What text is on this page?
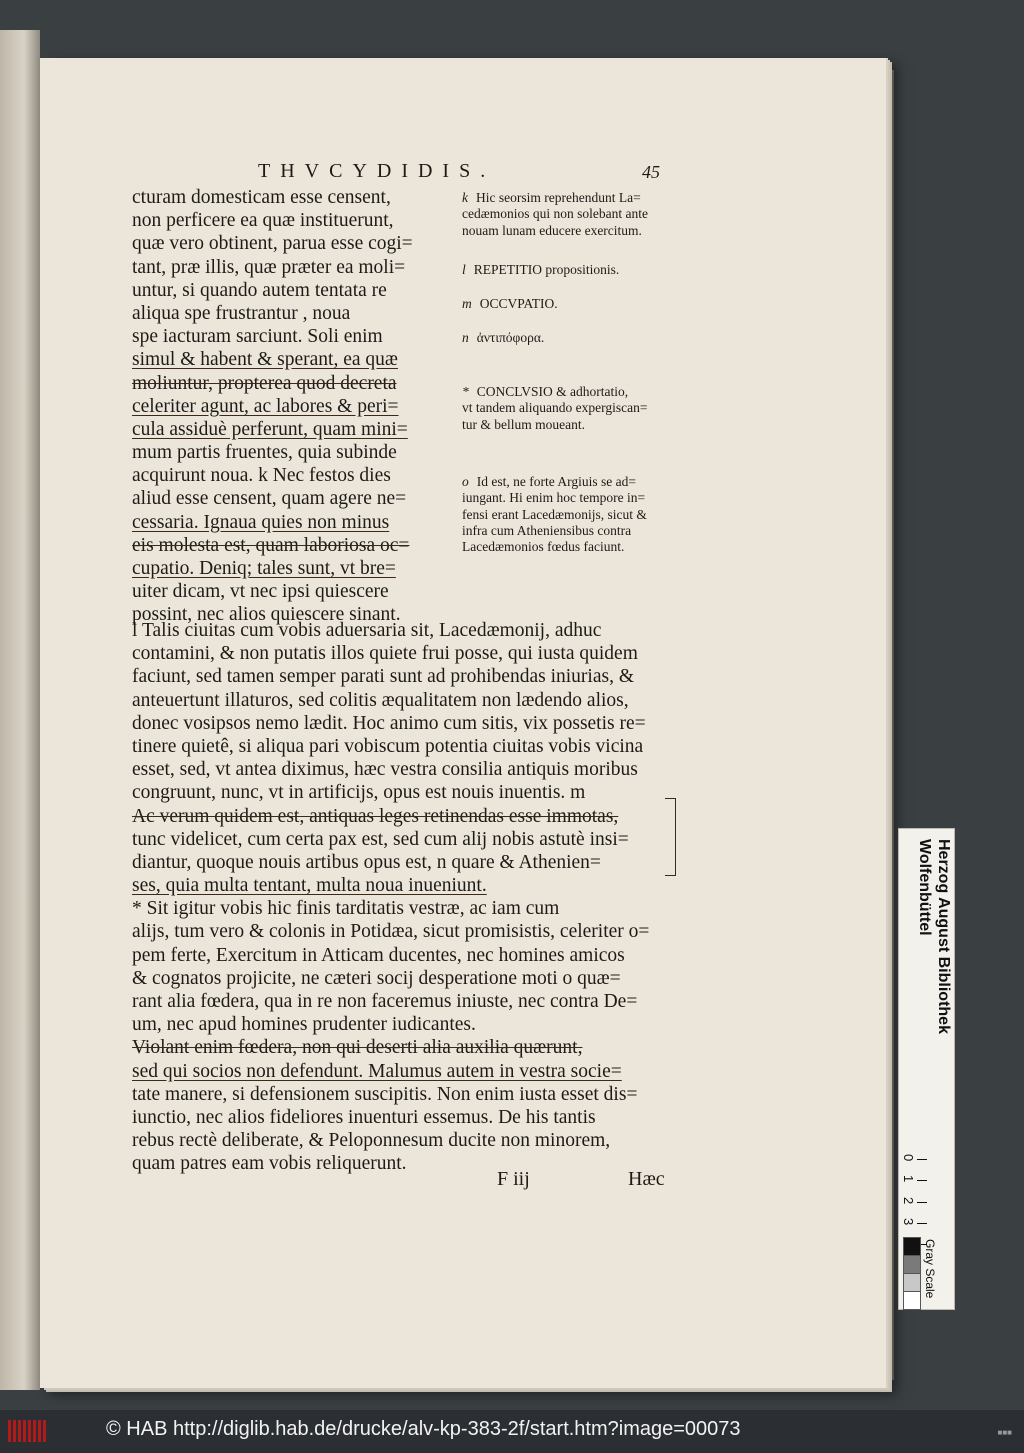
THVCYDIDIS.	45
cturam domesticam esse censent,
non perficere ea quæ instituerunt,
quæ vero obtinent, parua esse cogi=
tant, præ illis, quæ præter ea moli=
untur, si quando autem tentata re
aliqua spe frustrantur , noua
spe iacturam sarciunt. Soli enim
simul & habent & sperant, ea quæ
moliuntur, propterea quod decreta
celeriter agunt, ac labores & peri=
cula assiduè perferunt, quam mini=
mum partis fruentes, quia subinde
acquirunt noua. k Nec festos dies
aliud esse censent, quam agere ne=
cessaria. Ignaua quies non minus
eis molesta est, quam laboriosa oc=
cupatio. Deniq; tales sunt, vt bre=
uiter dicam, vt nec ipsi quiescere
possint, nec alios quiescere sinant.
l Talis ciuitas cum vobis aduersaria sit, Lacedæmonij, adhuc
contamini, & non putatis illos quiete frui posse, qui iusta quidem
faciunt, sed tamen semper parati sunt ad prohibendas iniurias, &
anteuertunt illaturos, sed colitis æqualitatem non lædendo alios,
donec vosipsos nemo lædit. Hoc animo cum sitis, vix possetis re=
tinere quietê, si aliqua pari vobiscum potentia ciuitas vobis vicina
esset, sed, vt antea diximus, hæc vestra consilia antiquis moribus
congruunt, nunc, vt in artificijs, opus est nouis inuentis. m
Ac verum quidem est, antiquas leges retinendas esse immotas,
tunc videlicet, cum certa pax est, sed cum alij nobis astutè insi=
diantur, quoque nouis artibus opus est, n quare & Athenien=
ses, quia multa tentant, multa noua inueniunt.
* Sit igitur vobis hic finis tarditatis vestræ, ac iam cum
alijs, tum vero & colonis in Potidæa, sicut promisistis, celeriter o=
pem ferte, Exercitum in Atticam ducentes, nec homines amicos
& cognatos projicite, ne cæteri socij desperatione moti o quæ=
rant alia fœdera, qua in re non faceremus iniuste, nec contra De=
um, nec apud homines prudenter iudicantes.
Violant enim fœdera, non qui deserti alia auxilia quærunt,
sed qui socios non defendunt. Malumus autem in vestra socie=
tate manere, si defensionem suscipitis. Non enim iusta esset dis=
iunctio, nec alios fideliores inuenturi essemus. De his tantis
rebus rectè deliberate, & Peloponnesum ducite non minorem,
quam patres eam vobis reliquerunt.
k Hic seorsim reprehendunt La=
cedæmonios qui non solebant ante
nouam lunam educere exercitum.
l REPETITIO propositionis.
m OCCVPATIO.
n ἀντιπόφορα.
* CONCLVSIO & adhortatio,
vt tandem aliquando expergiscan=
tur & bellum moueant.
o Id est, ne forte Argiuis se ad=
iungant. Hi enim hoc tempore in=
fensi erant Lacedæmonijs, sicut &
infra cum Atheniensibus contra
Lacedæmonios fœdus faciunt.
F iij	Hæc
Herzog August Bibliothek
Wolfenbüttel
0
1
2
3
Gray Scale
© HAB http://diglib.hab.de/drucke/alv-kp-383-2f/start.htm?image=00073	■■■
